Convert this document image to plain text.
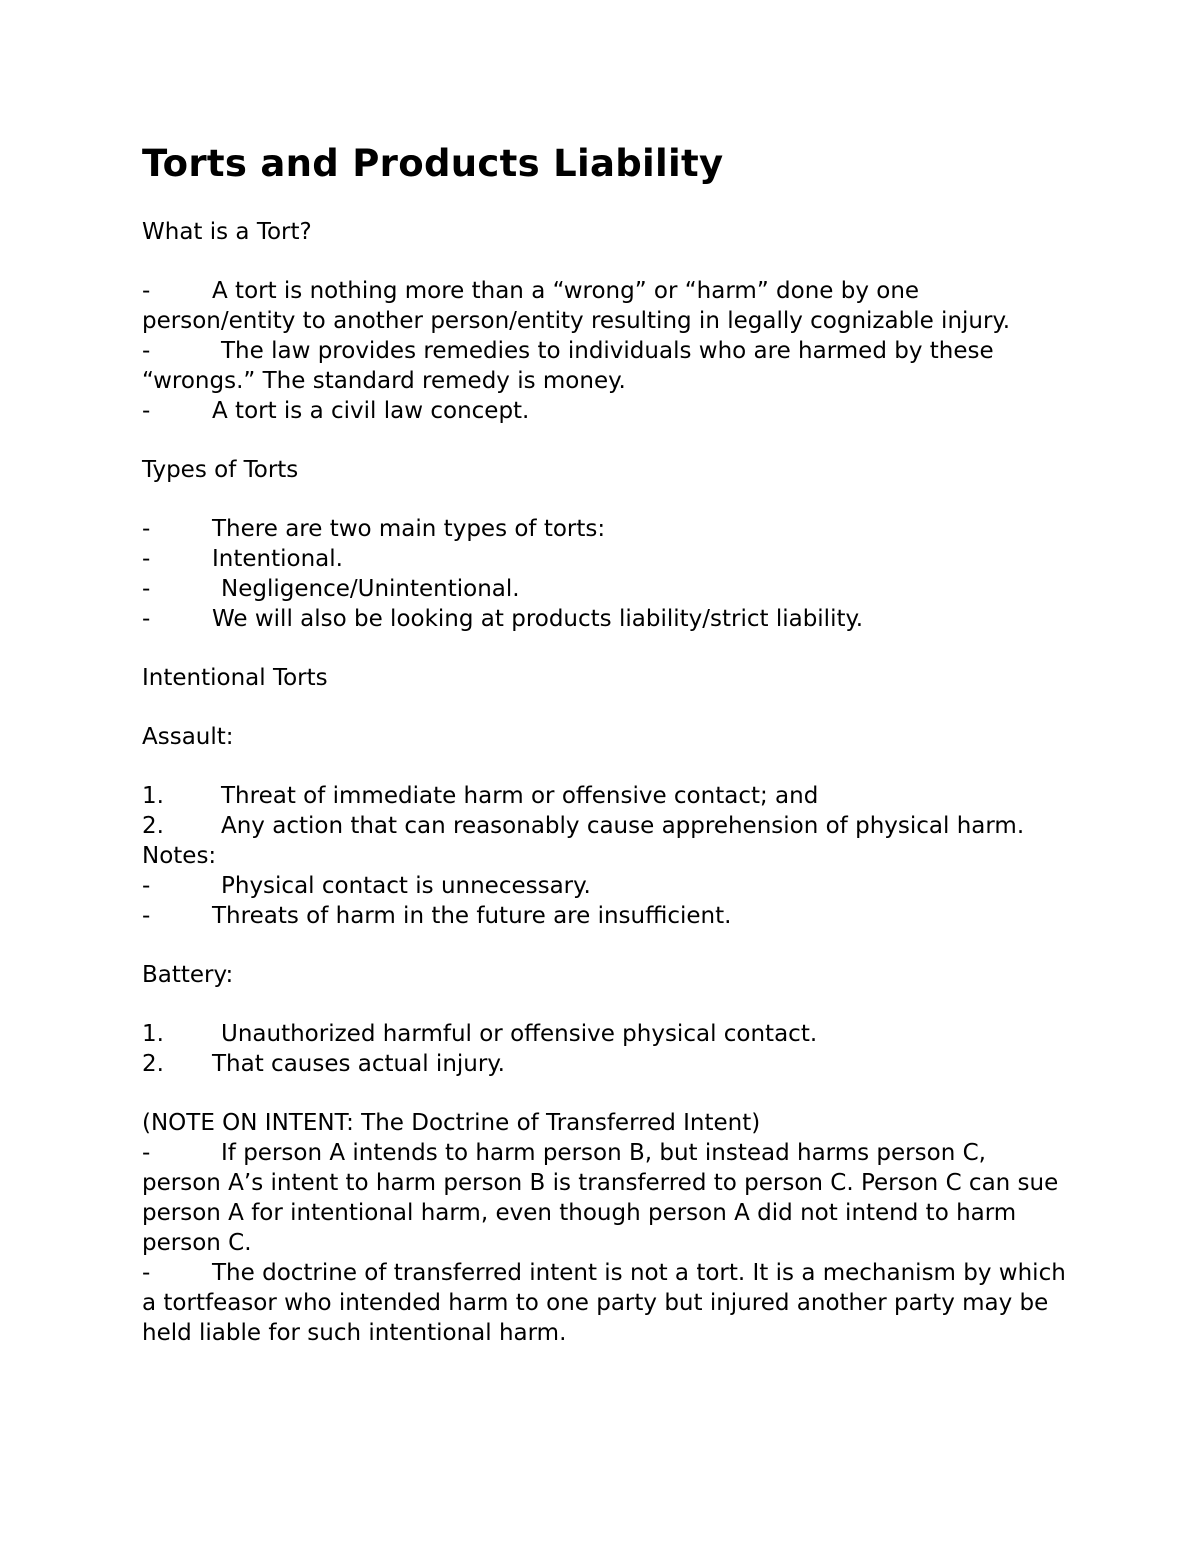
Torts and Products Liability

What is a Tort?

-	A tort is nothing more than a “wrong” or “harm” done by one person/entity to another person/entity resulting in legally cognizable injury.

-	The law provides remedies to individuals who are harmed by these “wrongs.” The standard remedy is money.

-	A tort is a civil law concept.

Types of Torts

-	There are two main types of torts:

-	Intentional.

-	Negligence/Unintentional.

-	We will also be looking at products liability/strict liability.

Intentional Torts

Assault:

1. Threat of immediate harm or offensive contact; and

2. Any action that can reasonably cause apprehension of physical harm.

Notes:

-	Physical contact is unnecessary.

-	Threats of harm in the future are insufficient.

Battery:

1. Unauthorized harmful or offensive physical contact.

2. That causes actual injury.

(NOTE ON INTENT: The Doctrine of Transferred Intent)

-	If person A intends to harm person B, but instead harms person C, person A’s intent to harm person B is transferred to person C. Person C can sue person A for intentional harm, even though person A did not intend to harm person C.

-	The doctrine of transferred intent is not a tort. It is a mechanism by which a tortfeasor who intended harm to one party but injured another party may be held liable for such intentional harm.
